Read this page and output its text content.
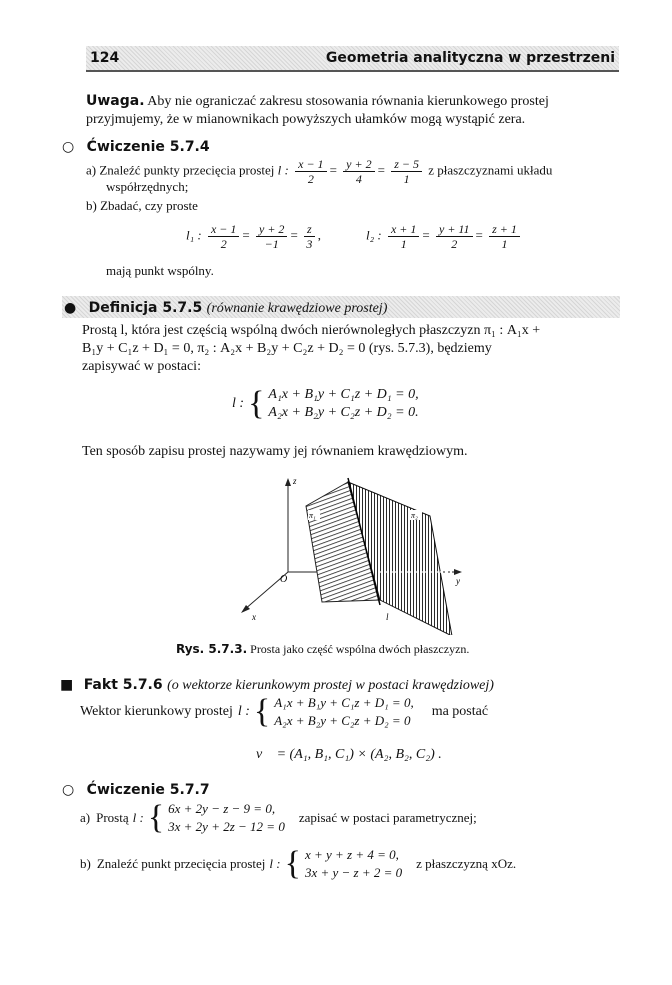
124	Geometria analityczna w przestrzeni
Uwaga. Aby nie ograniczać zakresu stosowania równania kierunkowego prostej
przyjmujemy, że w mianownikach powyższych ułamków mogą wystąpić zera.
○ Ćwiczenie 5.7.4
a) Znaleźć punkty przecięcia prostej l : $\frac{x - 1}{2} = \frac{y + 2}{4} = \frac{z - 5}{1}$ z płaszczyznami układu
współrzędnych;
b) Zbadać, czy proste
l₁ : $\frac{x - 1}{2} = \frac{y + 2}{-1} = \frac{z}{3}$ ,	l₂ : $\frac{x + 1}{1} = \frac{y + 11}{2} = \frac{z + 1}{1}$
mają punkt wspólny.
● Definicja 5.7.5 (równanie krawędziowe prostej)
Prostą l, która jest częścią wspólną dwóch nierównoległych płaszczyzn π₁ : A₁x +
B₁y + C₁z + D₁ = 0, π₂ : A₂x + B₂y + C₂z + D₂ = 0 (rys. 5.7.3), będziemy
zapisywać w postaci:
l : { A₁x + B₁y + C₁z + D₁ = 0,
A₂x + B₂y + C₂z + D₂ = 0.
Ten sposób zapisu prostej nazywamy jej równaniem krawędziowym.
z
y
x
O
π₁	π₂
l
Rys. 5.7.3. Prosta jako część wspólna dwóch płaszczyzn.
■ Fakt 5.7.6 (o wektorze kierunkowym prostej w postaci krawędziowej)
Wektor kierunkowy prostej l : { A₁x + B₁y + C₁z + D₁ = 0,
A₂x + B₂y + C₂z + D₂ = 0
ma postać
v⃗ = (A₁, B₁, C₁) × (A₂, B₂, C₂) .
○ Ćwiczenie 5.7.7
a) Prostą l : { 6x + 2y − z − 9 = 0,
3x + 2y + 2z − 12 = 0
zapisać w postaci parametrycznej;
b) Znaleźć punkt przecięcia prostej l : { x + y + z + 4 = 0,
3x + y − z + 2 = 0
z płaszczyzną xOz.
